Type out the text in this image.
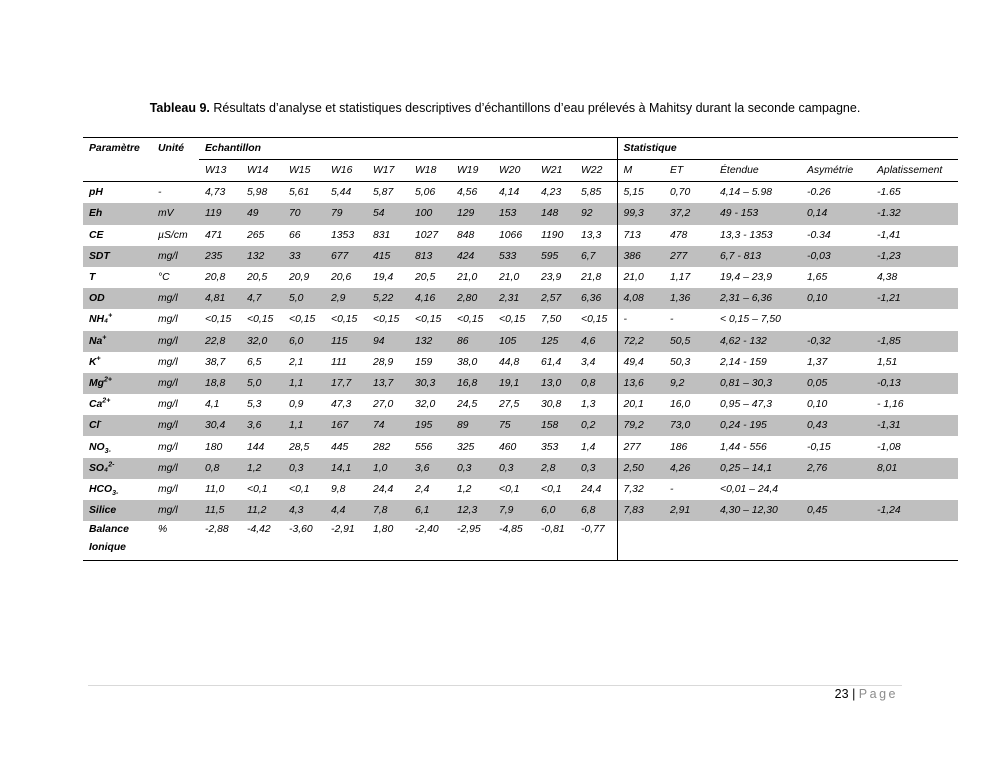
Tableau 9. Résultats d’analyse et statistiques descriptives d’échantillons d’eau prélevés à Mahitsy durant la seconde campagne.
Paramètre	Unité	Echantillon										Statistique				
		W13	W14	W15	W16	W17	W18	W19	W20	W21	W22	M	ET	Étendue	Asymétrie	Aplatissement
pH	-	4,73	5,98	5,61	5,44	5,87	5,06	4,56	4,14	4,23	5,85	5,15	0,70	4,14 – 5.98	-0.26	-1.65
Eh	mV	119	49	70	79	54	100	129	153	148	92	99,3	37,2	49 - 153	0,14	-1.32
CE	µS/cm	471	265	66	1353	831	1027	848	1066	1190	13,3	713	478	13,3 - 1353	-0.34	-1,41
SDT	mg/l	235	132	33	677	415	813	424	533	595	6,7	386	277	6,7 - 813	-0,03	-1,23
T	°C	20,8	20,5	20,9	20,6	19,4	20,5	21,0	21,0	23,9	21,8	21,0	1,17	19,4 – 23,9	1,65	4,38
OD	mg/l	4,81	4,7	5,0	2,9	5,22	4,16	2,80	2,31	2,57	6,36	4,08	1,36	2,31 – 6,36	0,10	-1,21
NH₄+	mg/l	<0,15	<0,15	<0,15	<0,15	<0,15	<0,15	<0,15	<0,15	7,50	<0,15	-	-	< 0,15 – 7,50		
Na+	mg/l	22,8	32,0	6,0	115	94	132	86	105	125	4,6	72,2	50,5	4,62 - 132	-0,32	-1,85
K+	mg/l	38,7	6,5	2,1	111	28,9	159	38,0	44,8	61,4	3,4	49,4	50,3	2,14 - 159	1,37	1,51
$Mg^{2+}$	mg/l	18,8	5,0	1,1	17,7	13,7	30,3	16,8	19,1	13,0	0,8	13,6	9,2	0,81 – 30,3	0,05	-0,13
$Ca^{2+}$	mg/l	4,1	5,3	0,9	47,3	27,0	32,0	24,5	27,5	30,8	1,3	20,1	16,0	0,95 – 47,3	0,10	- 1,16
Cl-	mg/l	30,4	3,6	1,1	167	74	195	89	75	158	0,2	79,2	73,0	0,24 - 195	0,43	-1,31
$NO_{3-}$	mg/l	180	144	28,5	445	282	556	325	460	353	1,4	277	186	1,44 - 556	-0,15	-1,08
SO₄$^{2-}$	mg/l	0,8	1,2	0,3	14,1	1,0	3,6	0,3	0,3	2,8	0,3	2,50	4,26	0,25 – 14,1	2,76	8,01
$HCO_{3-}$	mg/l	11,0	<0,1	<0,1	9,8	24,4	2,4	1,2	<0,1	<0,1	24,4	7,32	-	<0,01 – 24,4		
Silice	mg/l	11,5	11,2	4,3	4,4	7,8	6,1	12,3	7,9	6,0	6,8	7,83	2,91	4,30 – 12,30	0,45	-1,24
Balance
Ionique	%	-2,88	-4,42	-3,60	-2,91	1,80	-2,40	-2,95	-4,85	-0,81	-0,77					
23 | Page
